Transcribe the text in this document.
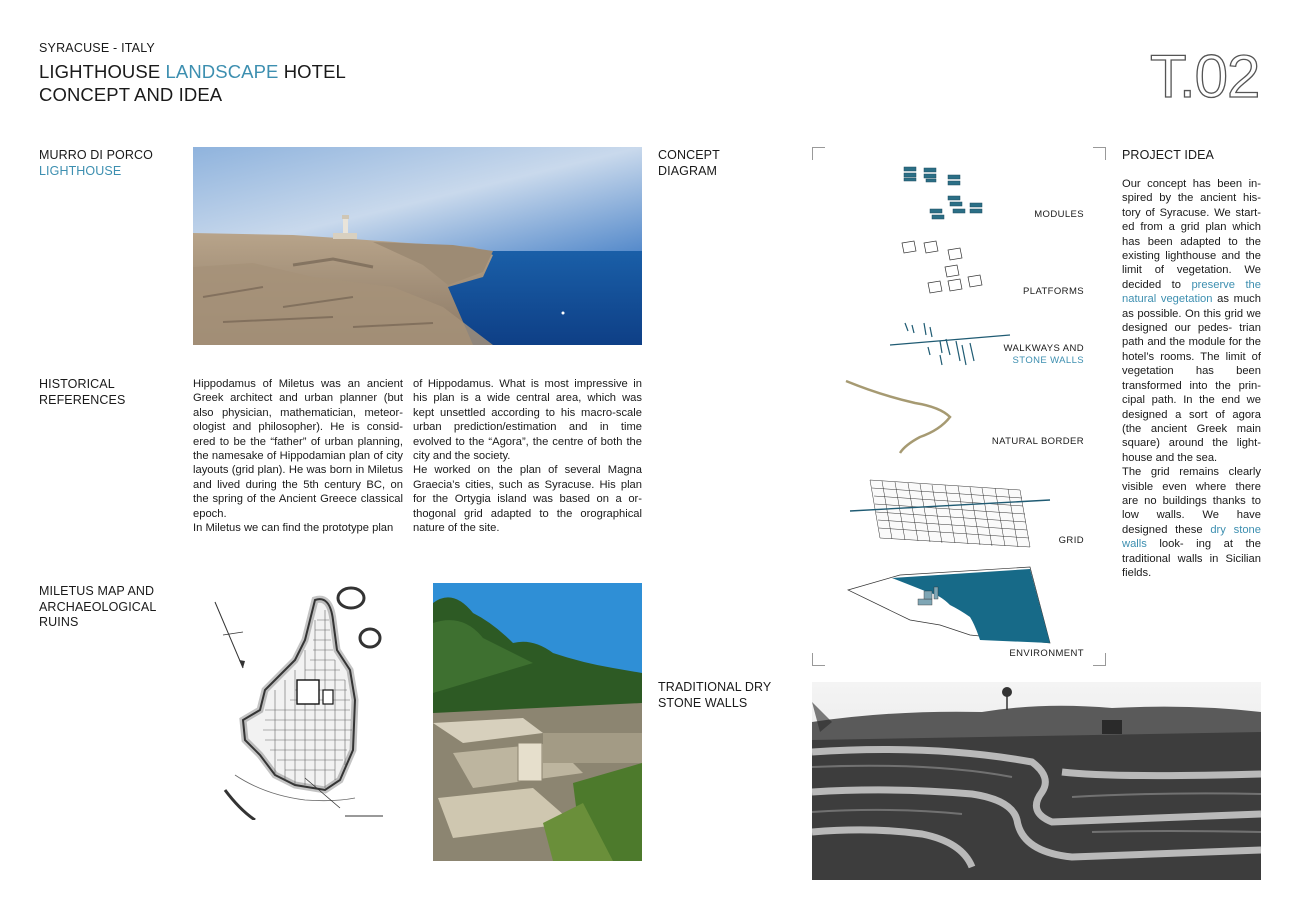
SYRACUSE - ITALY
LIGHTHOUSE LANDSCAPE HOTEL
CONCEPT AND IDEA	T.02
MURRO DI PORCO
LIGHTHOUSE
HISTORICAL
REFERENCES
MILETUS MAP AND
ARCHAEOLOGICAL
RUINS
Hippodamus of Miletus was an ancient Greek architect and urban planner (but also physician, mathematician, meteor- ologist and philosopher). He is consid- ered to be the “father” of urban planning, the namesake of Hippodamian plan of city layouts (grid plan). He was born in Miletus and lived during the 5th century BC, on the spring of the Ancient Greece classical epoch.
In Miletus we can find the prototype plan
of Hippodamus. What is most impressive in his plan is a wide central area, which was kept unsettled according to his macro-scale urban prediction/estimation and in time evolved to the “Agora”, the centre of both the city and the society.
He worked on the plan of several Magna Graecia’s cities, such as Syracuse. His plan for the Ortygia island was based on a or- thogonal grid adapted to the orographical nature of the site.
CONCEPT
DIAGRAM
MODULES
PLATFORMS
WALKWAYS AND
STONE WALLS
NATURAL BORDER
GRID
ENVIRONMENT
PROJECT IDEA
Our concept has been in- spired by the ancient his- tory of Syracuse. We start- ed from a grid plan which has been adapted to the existing lighthouse and the limit of vegetation. We decided to preserve the natural vegetation as much as possible. On this grid we designed our pedes- trian path and the module for the hotel’s rooms. The limit of vegetation has been transformed into the prin- cipal path. In the end we designed a sort of agora (the ancient Greek main square) around the light- house and the sea.
The grid remains clearly visible even where there are no buildings thanks to low walls. We have designed these dry stone walls look- ing at the traditional walls in Sicilian fields.
TRADITIONAL DRY
STONE WALLS
